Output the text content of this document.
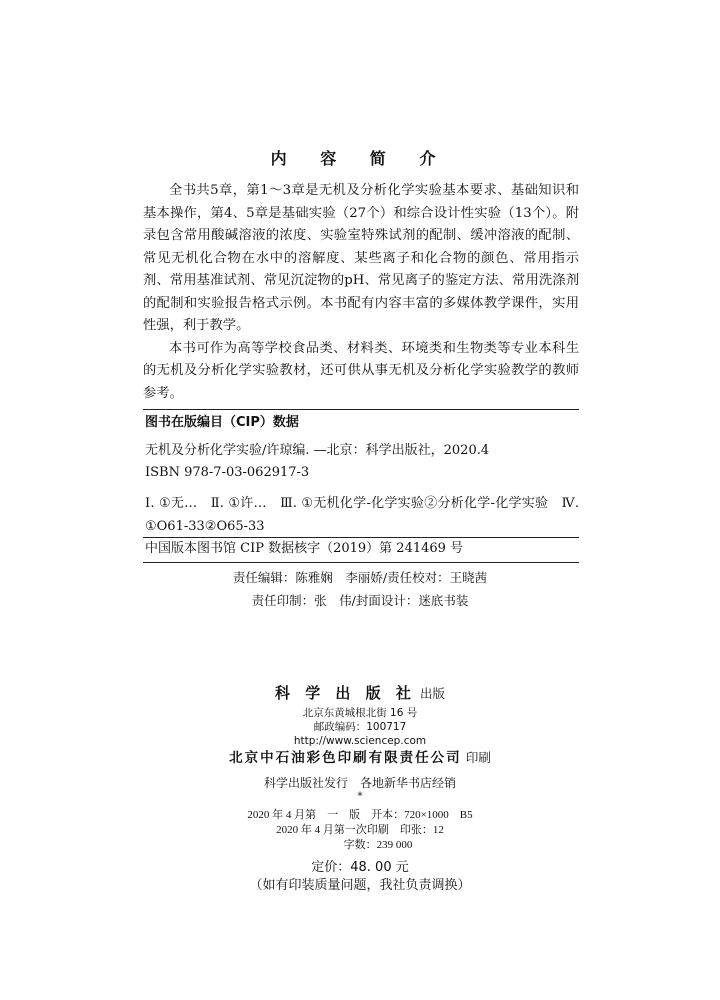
内 容 简 介

全书共5章，第1～3章是无机及分析化学实验基本要求、基础知识和基本操作，第4、5章是基础实验（27个）和综合设计性实验（13个）。附录包含常用酸碱溶液的浓度、实验室特殊试剂的配制、缓冲溶液的配制、常见无机化合物在水中的溶解度、某些离子和化合物的颜色、常用指示剂、常用基准试剂、常见沉淀物的pH、常见离子的鉴定方法、常用洗涤剂的配制和实验报告格式示例。本书配有内容丰富的多媒体教学课件，实用性强，利于教学。

本书可作为高等学校食品类、材料类、环境类和生物类等专业本科生的无机及分析化学实验教材，还可供从事无机及分析化学实验教学的教师参考。

图书在版编目（CIP）数据
无机及分析化学实验/许琼编. —北京：科学出版社，2020.4
ISBN 978-7-03-062917-3
Ⅰ. ①无…　Ⅱ. ①许…　Ⅲ. ①无机化学-化学实验②分析化学-化学实验　Ⅳ. ①O61-33②O65-33
中国版本图书馆 CIP 数据核字（2019）第 241469 号
责任编辑：陈雅娴　李丽娇/责任校对：王晓茜
责任印制：张　伟/封面设计：迷底书装
科 学 出 版 社 出版
北京东黄城根北街 16 号
邮政编码：100717
http://www.sciencep.com
北京中石油彩色印刷有限责任公司 印刷
科学出版社发行　各地新华书店经销
*
2020 年 4 月第　一　版　开本：720×1000　B5
2020 年 4 月第一次印刷　印张：12
字数：239 000
定价：48. 00 元
（如有印装质量问题，我社负责调换）
